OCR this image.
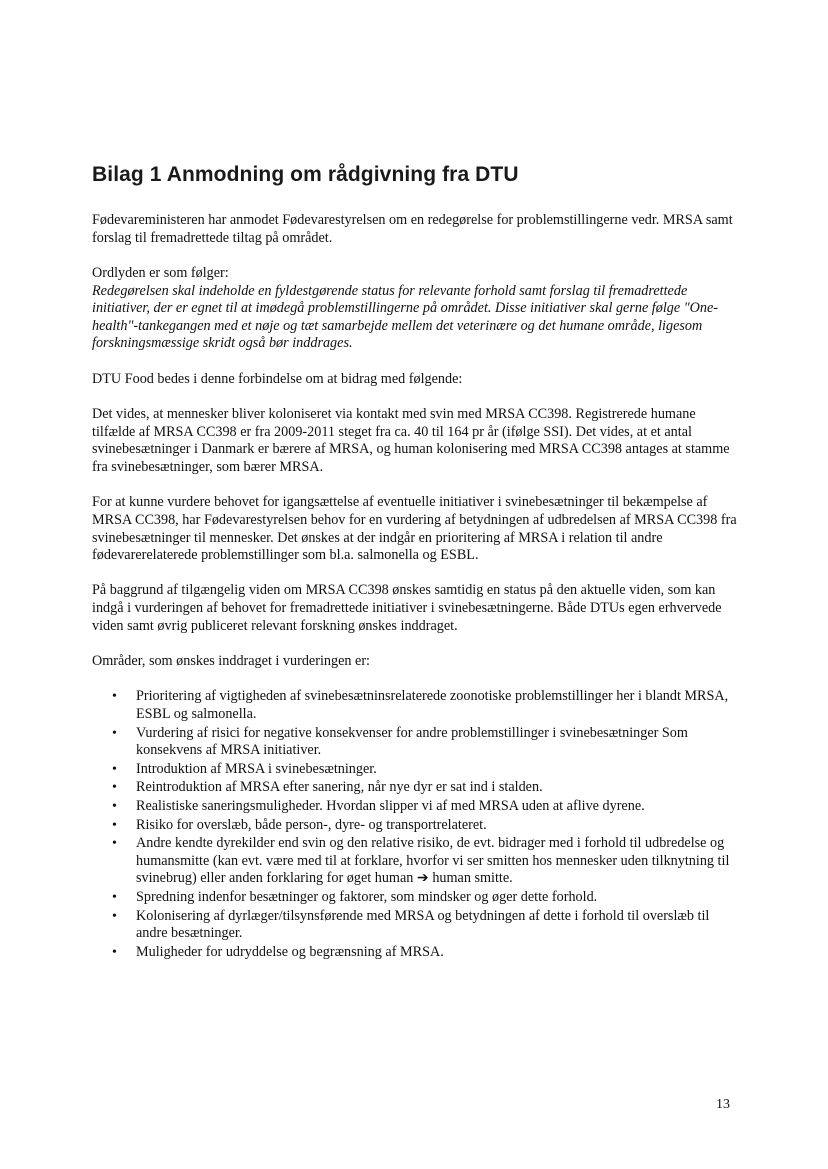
Bilag 1 Anmodning om rådgivning fra DTU

Fødevareministeren har anmodet Fødevarestyrelsen om en redegørelse for problemstillingerne vedr. MRSA samt forslag til fremadrettede tiltag på området.

Ordlyden er som følger:

Redegørelsen skal indeholde en fyldestgørende status for relevante forhold samt forslag til fremadrettede initiativer, der er egnet til at imødegå problemstillingerne på området. Disse initiativer skal gerne følge "One-health"-tankegangen med et nøje og tæt samarbejde mellem det veterinære og det humane område, ligesom forskningsmæssige skridt også bør inddrages.

DTU Food bedes i denne forbindelse om at bidrag med følgende:

Det vides, at mennesker bliver koloniseret via kontakt med svin med MRSA CC398. Registrerede humane tilfælde af MRSA CC398 er fra 2009-2011 steget fra ca. 40 til 164 pr år (ifølge SSI). Det vides, at et antal svinebesætninger i Danmark er bærere af MRSA, og human kolonisering med MRSA CC398 antages at stamme fra svinebesætninger, som bærer MRSA.

For at kunne vurdere behovet for igangsættelse af eventuelle initiativer i svinebesætninger til bekæmpelse af MRSA CC398, har Fødevarestyrelsen behov for en vurdering af betydningen af udbredelsen af MRSA CC398 fra svinebesætninger til mennesker. Det ønskes at der indgår en prioritering af MRSA i relation til andre fødevarerelaterede problemstillinger som bl.a. salmonella og ESBL.

På baggrund af tilgængelig viden om MRSA CC398 ønskes samtidig en status på den aktuelle viden, som kan indgå i vurderingen af behovet for fremadrettede initiativer i svinebesætningerne. Både DTUs egen erhvervede viden samt øvrig publiceret relevant forskning ønskes inddraget.

Områder, som ønskes inddraget i vurderingen er:

• Prioritering af vigtigheden af svinebesætninsrelaterede zoonotiske problemstillinger her i blandt MRSA, ESBL og salmonella.
• Vurdering af risici for negative konsekvenser for andre problemstillinger i svinebesætninger Som konsekvens af MRSA initiativer.
• Introduktion af MRSA i svinebesætninger.
• Reintroduktion af MRSA efter sanering, når nye dyr er sat ind i stalden.
• Realistiske saneringsmuligheder. Hvordan slipper vi af med MRSA uden at aflive dyrene.
• Risiko for overslæb, både person-, dyre- og transportrelateret.
• Andre kendte dyrekilder end svin og den relative risiko, de evt. bidrager med i forhold til udbredelse og humansmitte (kan evt. være med til at forklare, hvorfor vi ser smitten hos mennesker uden tilknytning til svinebrug) eller anden forklaring for øget human ➔ human smitte.
• Spredning indenfor besætninger og faktorer, som mindsker og øger dette forhold.
• Kolonisering af dyrlæger/tilsynsførende med MRSA og betydningen af dette i forhold til overslæb til andre besætninger.
• Muligheder for udryddelse og begrænsning af MRSA.
13
